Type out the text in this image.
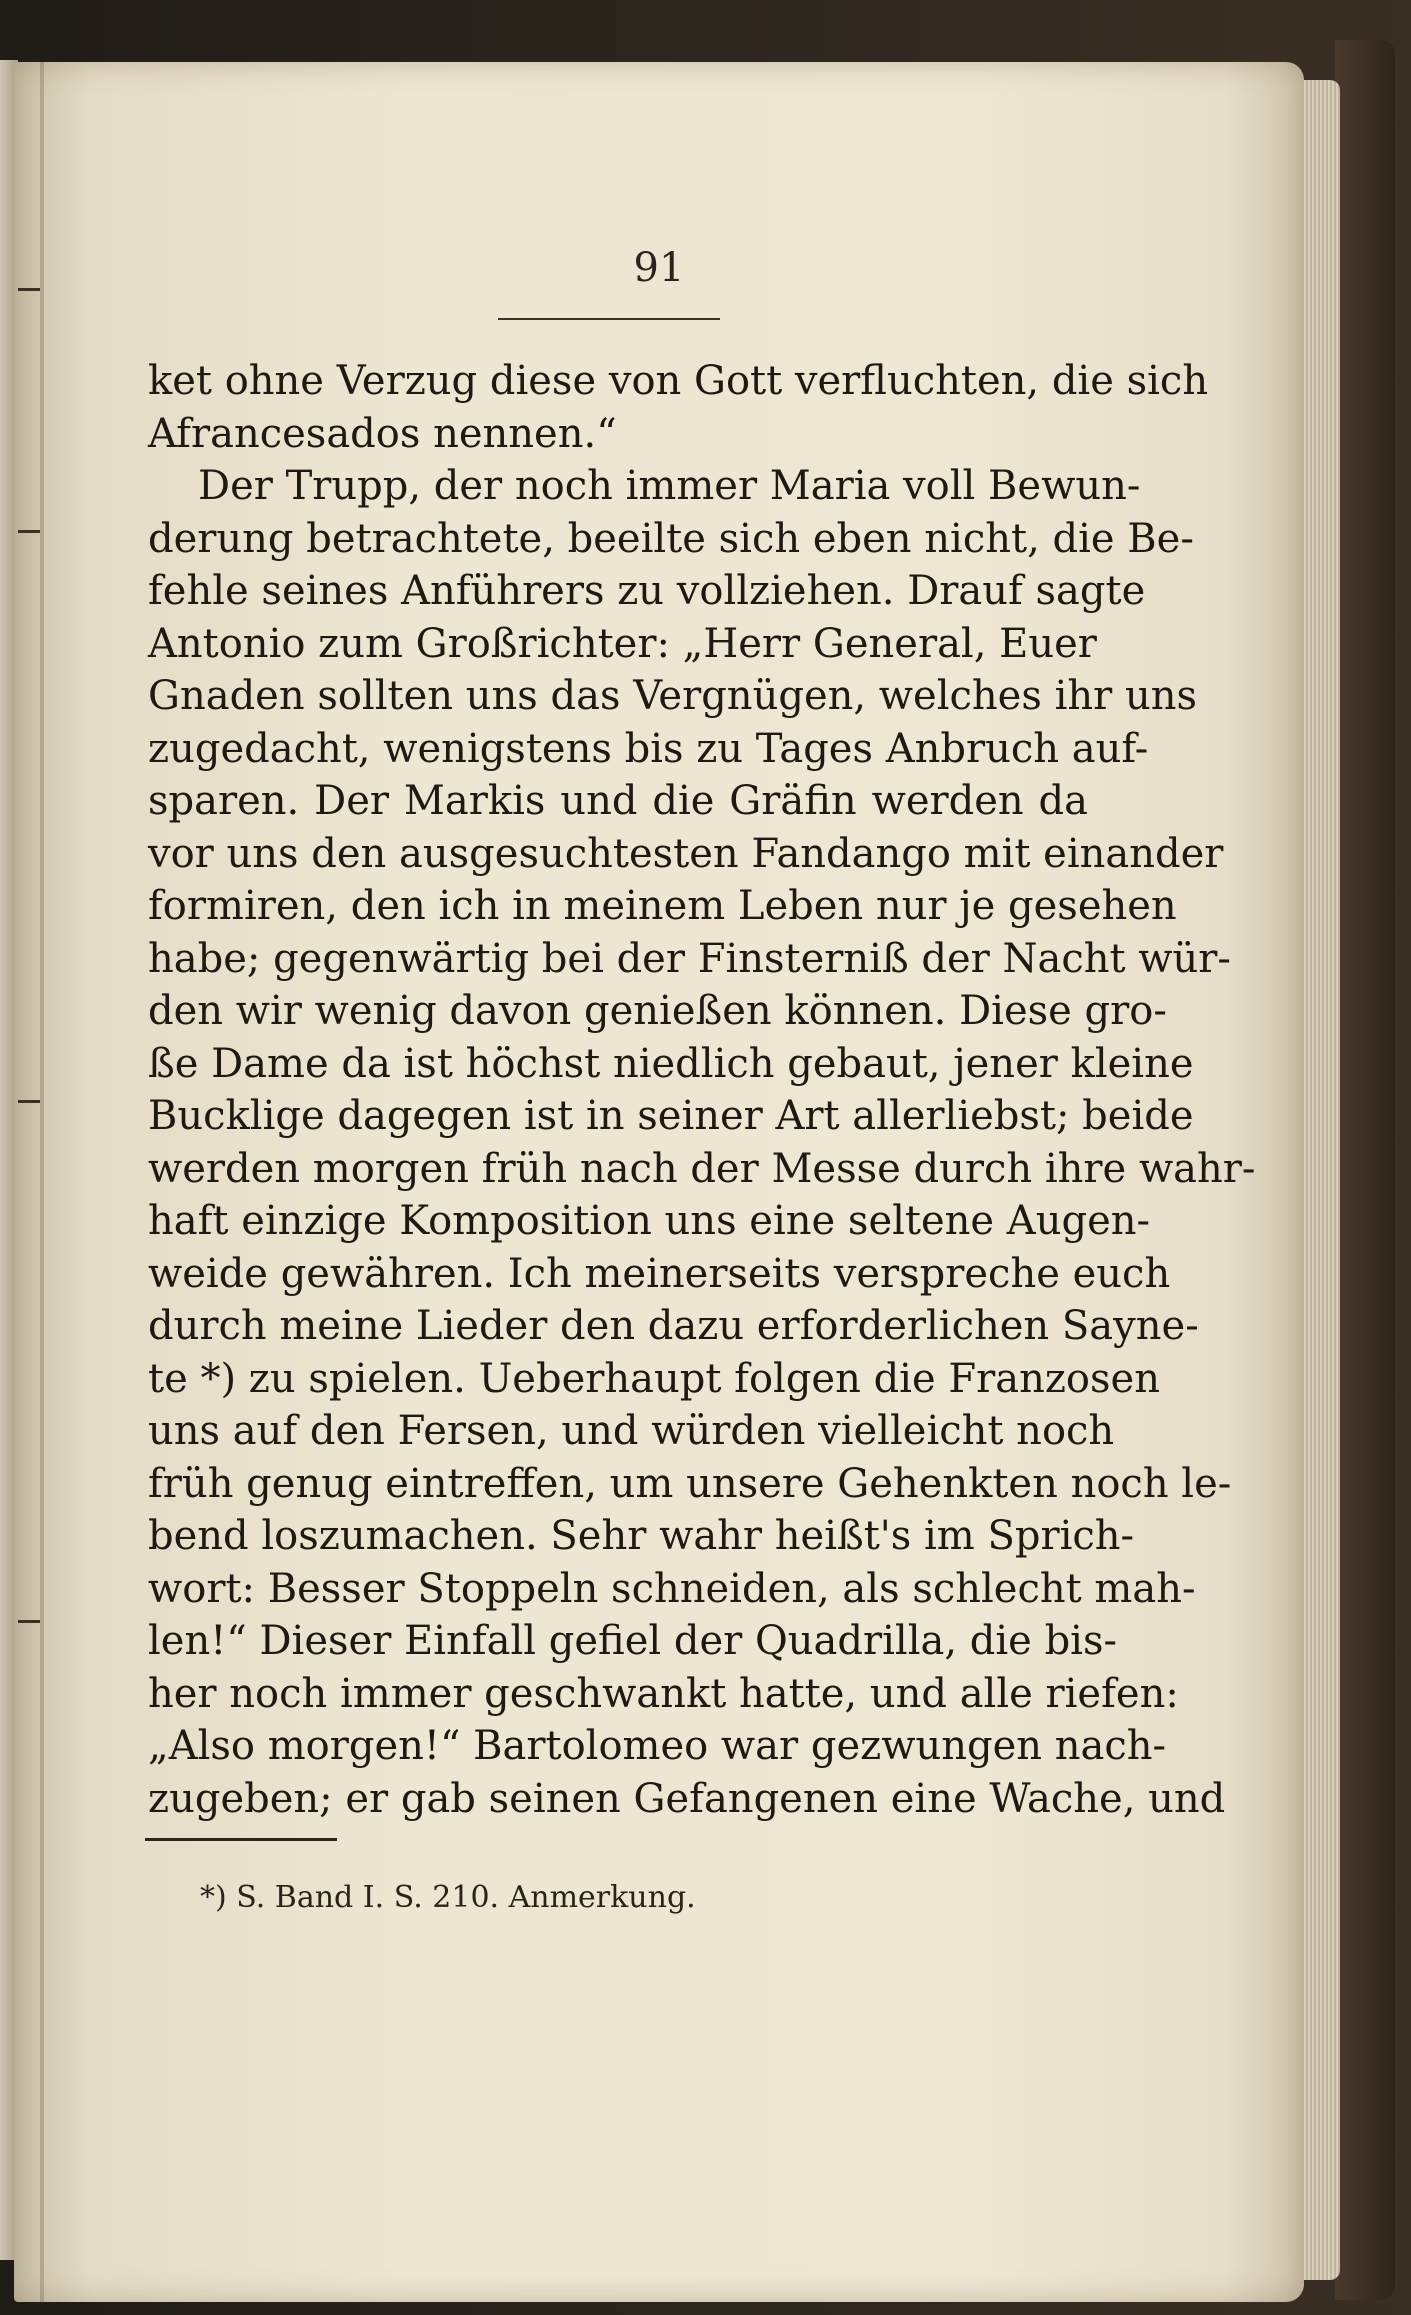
91
ket ohne Verzug diese von Gott verfluchten, die sich
Afrancesados nennen.“
Der Trupp, der noch immer Maria voll Bewun-
derung betrachtete, beeilte sich eben nicht, die Be-
fehle seines Anführers zu vollziehen. Drauf sagte
Antonio zum Großrichter: „Herr General, Euer
Gnaden sollten uns das Vergnügen, welches ihr uns
zugedacht, wenigstens bis zu Tages Anbruch auf-
sparen. Der Markis und die Gräfin werden da
vor uns den ausgesuchtesten Fandango mit einander
formiren, den ich in meinem Leben nur je gesehen
habe; gegenwärtig bei der Finsterniß der Nacht wür-
den wir wenig davon genießen können. Diese gro-
ße Dame da ist höchst niedlich gebaut, jener kleine
Bucklige dagegen ist in seiner Art allerliebst; beide
werden morgen früh nach der Messe durch ihre wahr-
haft einzige Komposition uns eine seltene Augen-
weide gewähren. Ich meinerseits verspreche euch
durch meine Lieder den dazu erforderlichen Sayne-
te *) zu spielen. Ueberhaupt folgen die Franzosen
uns auf den Fersen, und würden vielleicht noch
früh genug eintreffen, um unsere Gehenkten noch le-
bend loszumachen. Sehr wahr heißt's im Sprich-
wort: Besser Stoppeln schneiden, als schlecht mah-
len!“ Dieser Einfall gefiel der Quadrilla, die bis-
her noch immer geschwankt hatte, und alle riefen:
„Also morgen!“ Bartolomeo war gezwungen nach-
zugeben; er gab seinen Gefangenen eine Wache, und
*) S. Band I. S. 210. Anmerkung.
